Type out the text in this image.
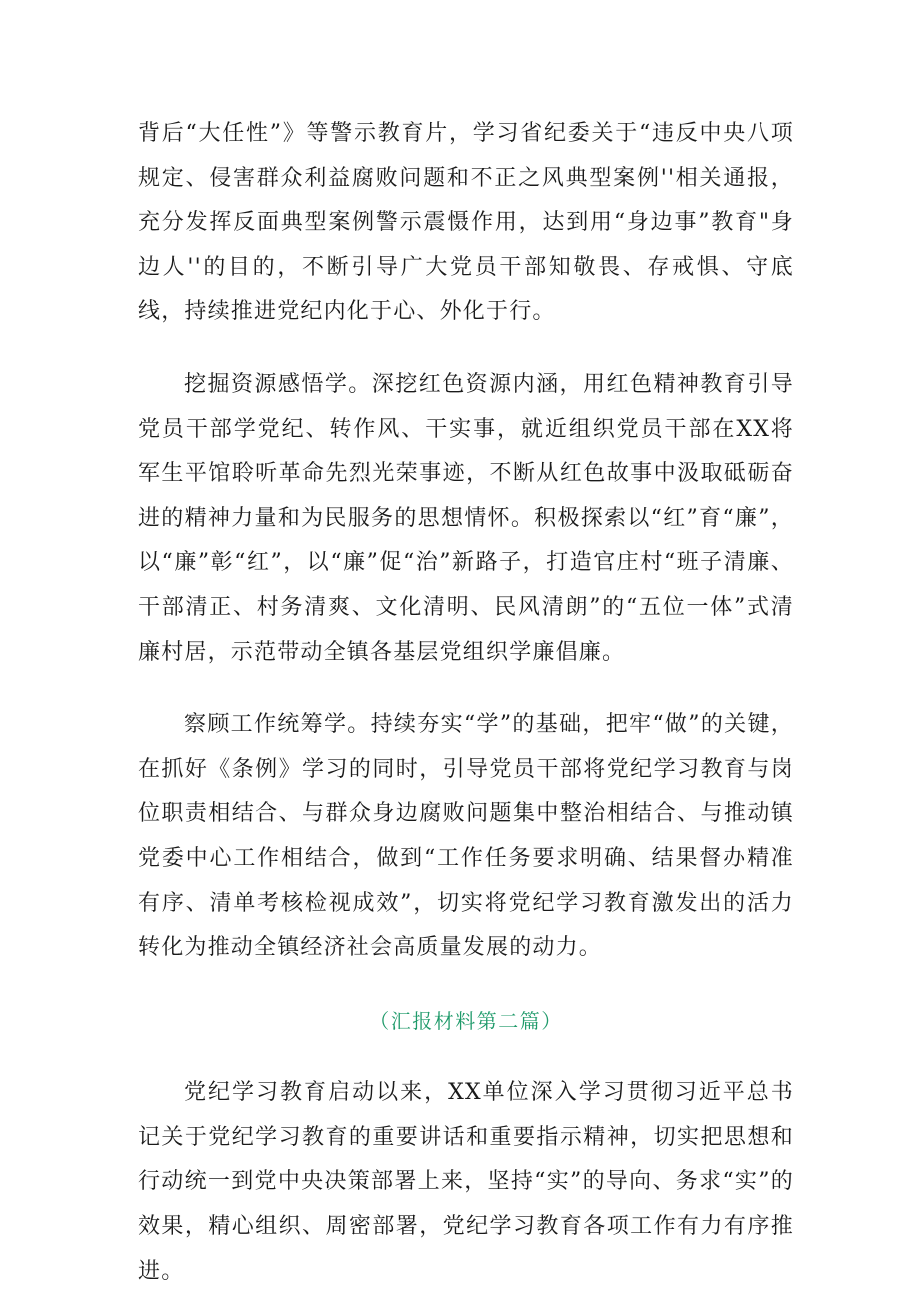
背后“大任性”》等警示教育片，学习省纪委关于“违反中央八项规定、侵害群众利益腐败问题和不正之风典型案例''相关通报，充分发挥反面典型案例警示震慑作用，达到用“身边事”教育"身边人''的目的，不断引导广大党员干部知敬畏、存戒惧、守底线，持续推进党纪内化于心、外化于行。

挖掘资源感悟学。深挖红色资源内涵，用红色精神教育引导党员干部学党纪、转作风、干实事，就近组织党员干部在XX将军生平馆聆听革命先烈光荣事迹，不断从红色故事中汲取砥砺奋进的精神力量和为民服务的思想情怀。积极探索以“红”育“廉”，以“廉”彰“红”，以“廉”促“治”新路子，打造官庄村“班子清廉、干部清正、村务清爽、文化清明、民风清朗”的“五位一体”式清廉村居，示范带动全镇各基层党组织学廉倡廉。

察顾工作统筹学。持续夯实“学”的基础，把牢“做”的关键，在抓好《条例》学习的同时，引导党员干部将党纪学习教育与岗位职责相结合、与群众身边腐败问题集中整治相结合、与推动镇党委中心工作相结合，做到“工作任务要求明确、结果督办精准有序、清单考核检视成效”，切实将党纪学习教育激发出的活力转化为推动全镇经济社会高质量发展的动力。

（汇报材料第二篇）

党纪学习教育启动以来，XX单位深入学习贯彻习近平总书记关于党纪学习教育的重要讲话和重要指示精神，切实把思想和行动统一到党中央决策部署上来，坚持“实”的导向、务求“实”的效果，精心组织、周密部署，党纪学习教育各项工作有力有序推进。
